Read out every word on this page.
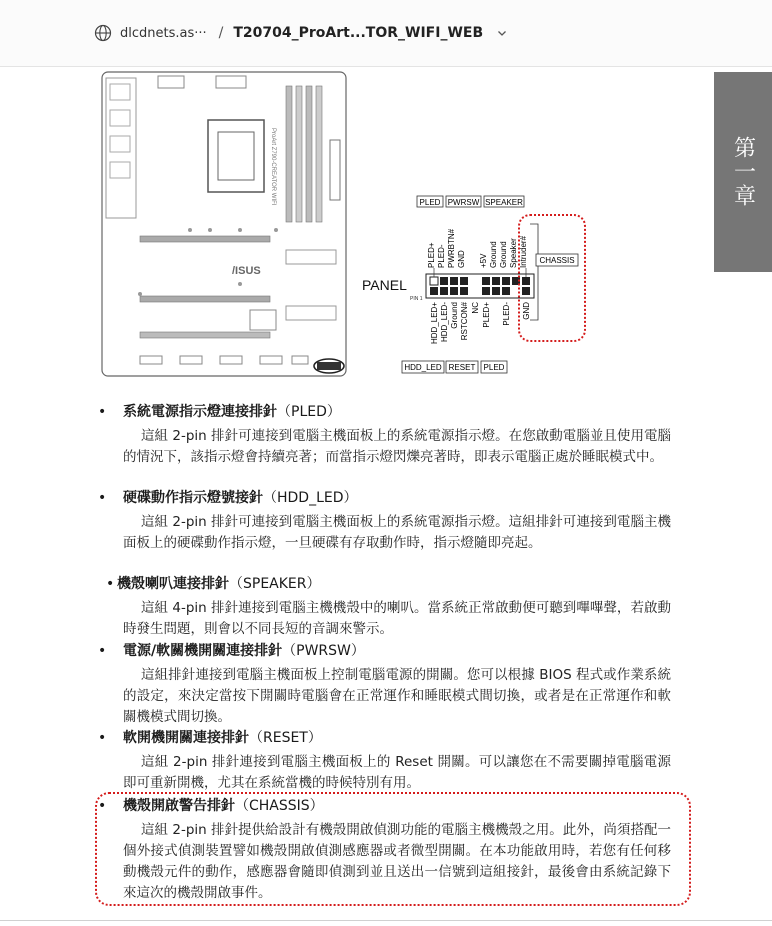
dlcdnets.as··· / T20704_ProArt...TOR_WIFI_WEB
第一章
ProArt Z790-CREATOR WIFI
/ISUS
PLED PWRSW SPEAKER
PLED+ PLED- PWRBTN# GND +5V Ground Ground Speaker Intruder#
PANEL
PIN 1
HDD_LED+ HDD_LED- Ground RSTCON# NC PLED+ PLED- GND
HDD_LED RESET PLED
CHASSIS
• 系統電源指示燈連接排針（PLED）
這組 2-pin 排針可連接到電腦主機面板上的系統電源指示燈。在您啟動電腦並且使用電腦的情況下，該指示燈會持續亮著；而當指示燈閃爍亮著時，即表示電腦正處於睡眠模式中。
• 硬碟動作指示燈號接針（HDD_LED）
這組 2-pin 排針可連接到電腦主機面板上的系統電源指示燈。這組排針可連接到電腦主機面板上的硬碟動作指示燈，一旦硬碟有存取動作時，指示燈隨即亮起。
• 機殼喇叭連接排針（SPEAKER）
這組 4-pin 排針連接到電腦主機機殼中的喇叭。當系統正常啟動便可聽到嗶嗶聲，若啟動時發生問題，則會以不同長短的音調來警示。
• 電源/軟關機開關連接排針（PWRSW）
這組排針連接到電腦主機面板上控制電腦電源的開關。您可以根據 BIOS 程式或作業系統的設定，來決定當按下開關時電腦會在正常運作和睡眠模式間切換，或者是在正常運作和軟關機模式間切換。
• 軟開機開關連接排針（RESET）
這組 2-pin 排針連接到電腦主機面板上的 Reset 開關。可以讓您在不需要關掉電腦電源即可重新開機，尤其在系統當機的時候特別有用。
• 機殼開啟警告排針（CHASSIS）
這組 2-pin 排針提供給設計有機殼開啟偵測功能的電腦主機機殼之用。此外，尚須搭配一個外接式偵測裝置譬如機殼開啟偵測感應器或者微型開關。在本功能啟用時，若您有任何移動機殼元件的動作，感應器會隨即偵測到並且送出一信號到這組接針，最後會由系統記錄下來這次的機殼開啟事件。
